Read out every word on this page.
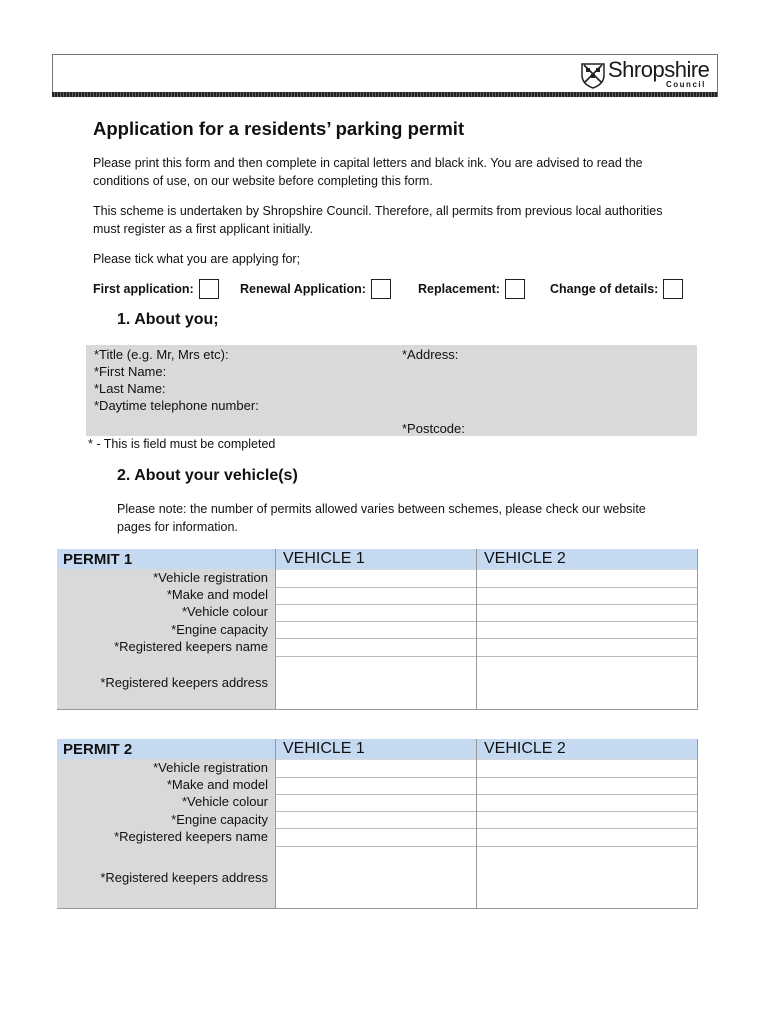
Shropshire
Council
Application for a residents’ parking permit

Please print this form and then complete in capital letters and black ink. You are advised to read the conditions of use, on our website before completing this form.

This scheme is undertaken by Shropshire Council. Therefore, all permits from previous local authorities must register as a first applicant initially.

Please tick what you are applying for;

First application:	Renewal Application:	Replacement:	Change of details:
1. About you;
*Title (e.g. Mr, Mrs etc):
*First Name:
*Last Name:
*Daytime telephone number:
*Address:
*Postcode:
* - This is field must be completed
2. About your vehicle(s)

Please note: the number of permits allowed varies between schemes, please check our website pages for information.

PERMIT 1	VEHICLE 1	VEHICLE 2
*Vehicle registration
*Make and model
*Vehicle colour
*Engine capacity
*Registered keepers name
*Registered keepers address
PERMIT 2	VEHICLE 1	VEHICLE 2
*Vehicle registration
*Make and model
*Vehicle colour
*Engine capacity
*Registered keepers name
*Registered keepers address
